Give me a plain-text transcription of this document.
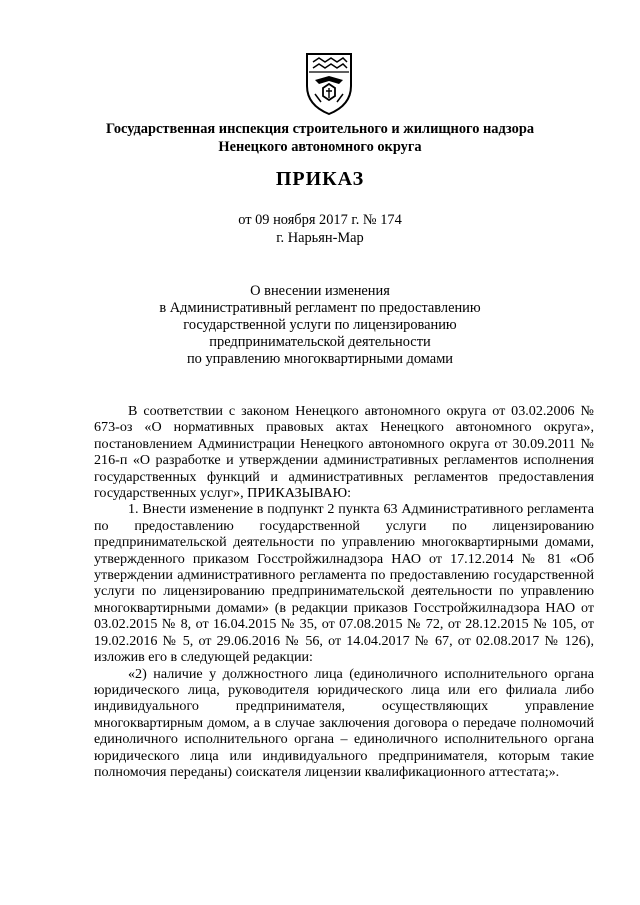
Государственная инспекция строительного и жилищного надзора
Ненецкого автономного округа
ПРИКАЗ
от 09 ноября 2017 г. № 174
г. Нарьян-Мар
О внесении изменения
в Административный регламент по предоставлению
государственной услуги по лицензированию
предпринимательской деятельности
по управлению многоквартирными домами

В соответствии с законом Ненецкого автономного округа от 03.02.2006 № 673-оз «О нормативных правовых актах Ненецкого автономного округа», постановлением Администрации Ненецкого автономного округа от 30.09.2011 № 216-п «О разработке и утверждении административных регламентов исполнения государственных функций и административных регламентов предоставления государственных услуг», ПРИКАЗЫВАЮ:

1. Внести изменение в подпункт 2 пункта 63 Административного регламента по предоставлению государственной услуги по лицензированию предпринимательской деятельности по управлению многоквартирными домами, утвержденного приказом Госстройжилнадзора НАО от 17.12.2014 № 81 «Об утверждении административного регламента по предоставлению государственной услуги по лицензированию предпринимательской деятельности по управлению многоквартирными домами» (в редакции приказов Госстройжилнадзора НАО от 03.02.2015 № 8, от 16.04.2015 № 35, от 07.08.2015 № 72, от 28.12.2015 № 105, от 19.02.2016 № 5, от 29.06.2016 № 56, от 14.04.2017 № 67, от 02.08.2017 № 126), изложив его в следующей редакции:

«2) наличие у должностного лица (единоличного исполнительного органа юридического лица, руководителя юридического лица или его филиала либо индивидуального предпринимателя, осуществляющих управление многоквартирным домом, а в случае заключения договора о передаче полномочий единоличного исполнительного органа – единоличного исполнительного органа юридического лица или индивидуального предпринимателя, которым такие полномочия переданы) соискателя лицензии квалификационного аттестата;».
